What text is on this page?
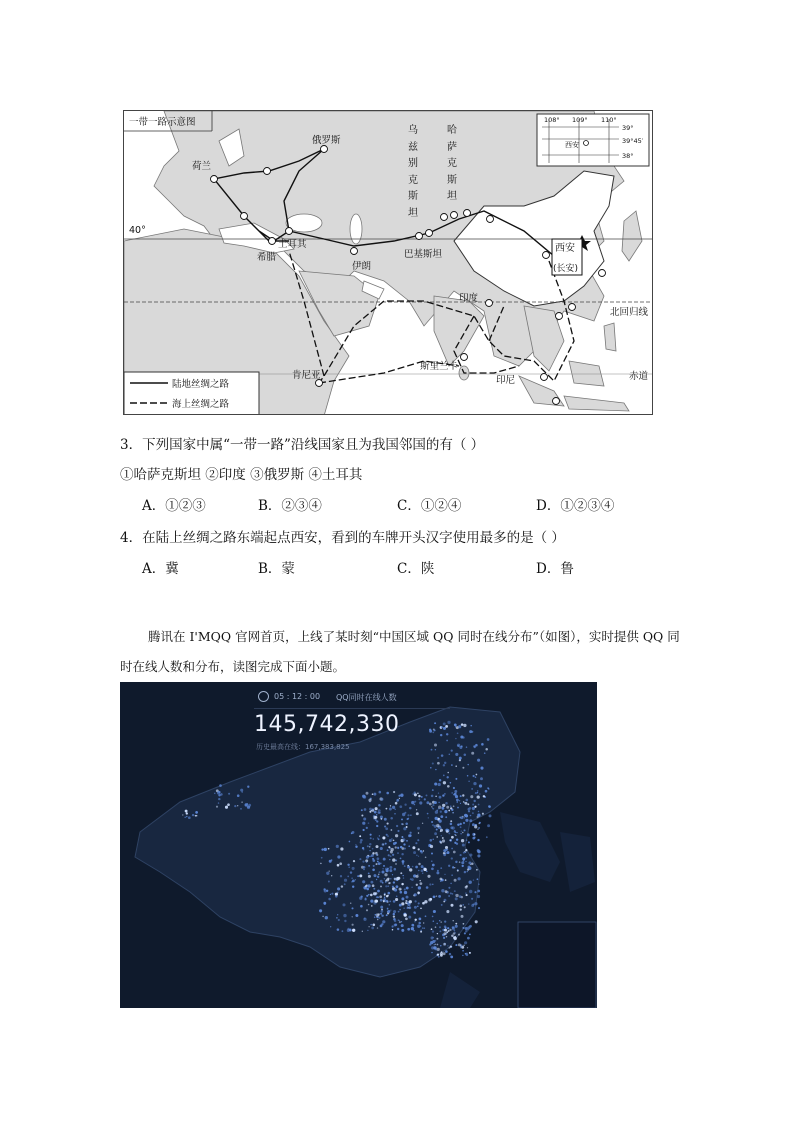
一带一路示意图
40°
北回归线
赤道
俄罗斯
荷兰
土耳其
希腊
伊朗
巴基斯坦
印度
斯里兰卡
肯尼亚	印尼
西安
(长安)
108° 109° 110°
39°
39°45′
38°
西安
陆地丝绸之路
海上丝绸之路
乌
兹
别
克
斯
坦
哈
萨
克
斯
坦
3．下列国家中属“一带一路”沿线国家且为我国邻国的有（ ）
①哈萨克斯坦 ②印度 ③俄罗斯 ④土耳其
A．①②③	B．②③④	C．①②④	D．①②③④
4．在陆上丝绸之路东端起点西安，看到的车牌开头汉字使用最多的是（ ）
A．冀	B．蒙	C．陕	D．鲁
腾讯在 I'MQQ 官网首页，上线了某时刻“中国区域 QQ 同时在线分布”（如图），实时提供 QQ 同时在线人数和分布，读图完成下面小题。
05 : 12 : 00 QQ同时在线人数
145,742,330
历史最高在线：167,383,825
